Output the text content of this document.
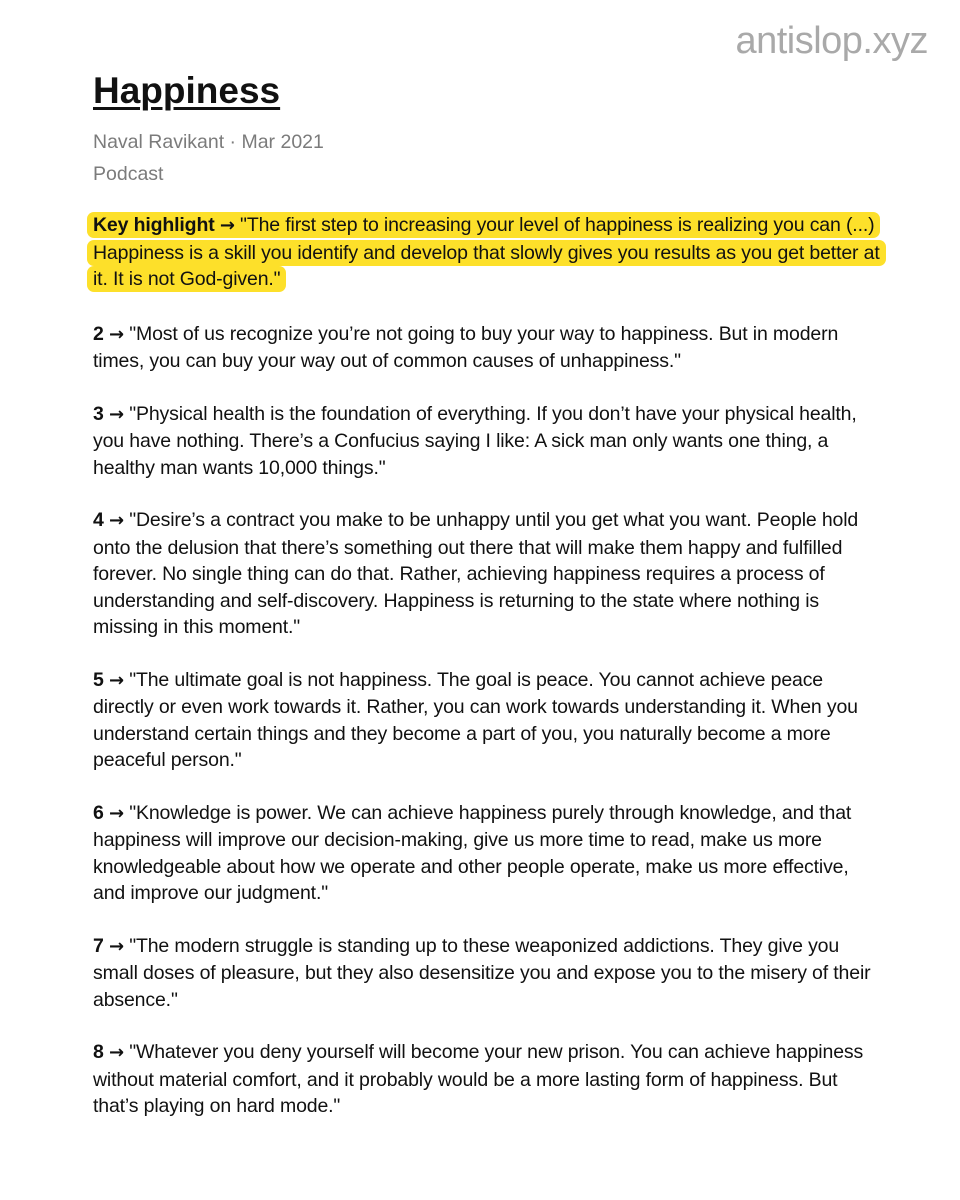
antislop.xyz
Happiness
Naval Ravikant · Mar 2021
Podcast

Key highlight → "The first step to increasing your level of happiness is realizing you can (...) Happiness is a skill you identify and develop that slowly gives you results as you get better at it. It is not God-given."

2 → "Most of us recognize you’re not going to buy your way to happiness. But in modern times, you can buy your way out of common causes of unhappiness."

3 → "Physical health is the foundation of everything. If you don’t have your physical health, you have nothing. There’s a Confucius saying I like: A sick man only wants one thing, a healthy man wants 10,000 things."

4 → "Desire’s a contract you make to be unhappy until you get what you want. People hold onto the delusion that there’s something out there that will make them happy and fulfilled forever. No single thing can do that. Rather, achieving happiness requires a process of understanding and self-discovery. Happiness is returning to the state where nothing is missing in this moment."

5 → "The ultimate goal is not happiness. The goal is peace. You cannot achieve peace directly or even work towards it. Rather, you can work towards understanding it. When you understand certain things and they become a part of you, you naturally become a more peaceful person."

6 → "Knowledge is power. We can achieve happiness purely through knowledge, and that happiness will improve our decision-making, give us more time to read, make us more knowledgeable about how we operate and other people operate, make us more effective, and improve our judgment."

7 → "The modern struggle is standing up to these weaponized addictions. They give you small doses of pleasure, but they also desensitize you and expose you to the misery of their absence."

8 → "Whatever you deny yourself will become your new prison. You can achieve happiness without material comfort, and it probably would be a more lasting form of happiness. But that’s playing on hard mode."
